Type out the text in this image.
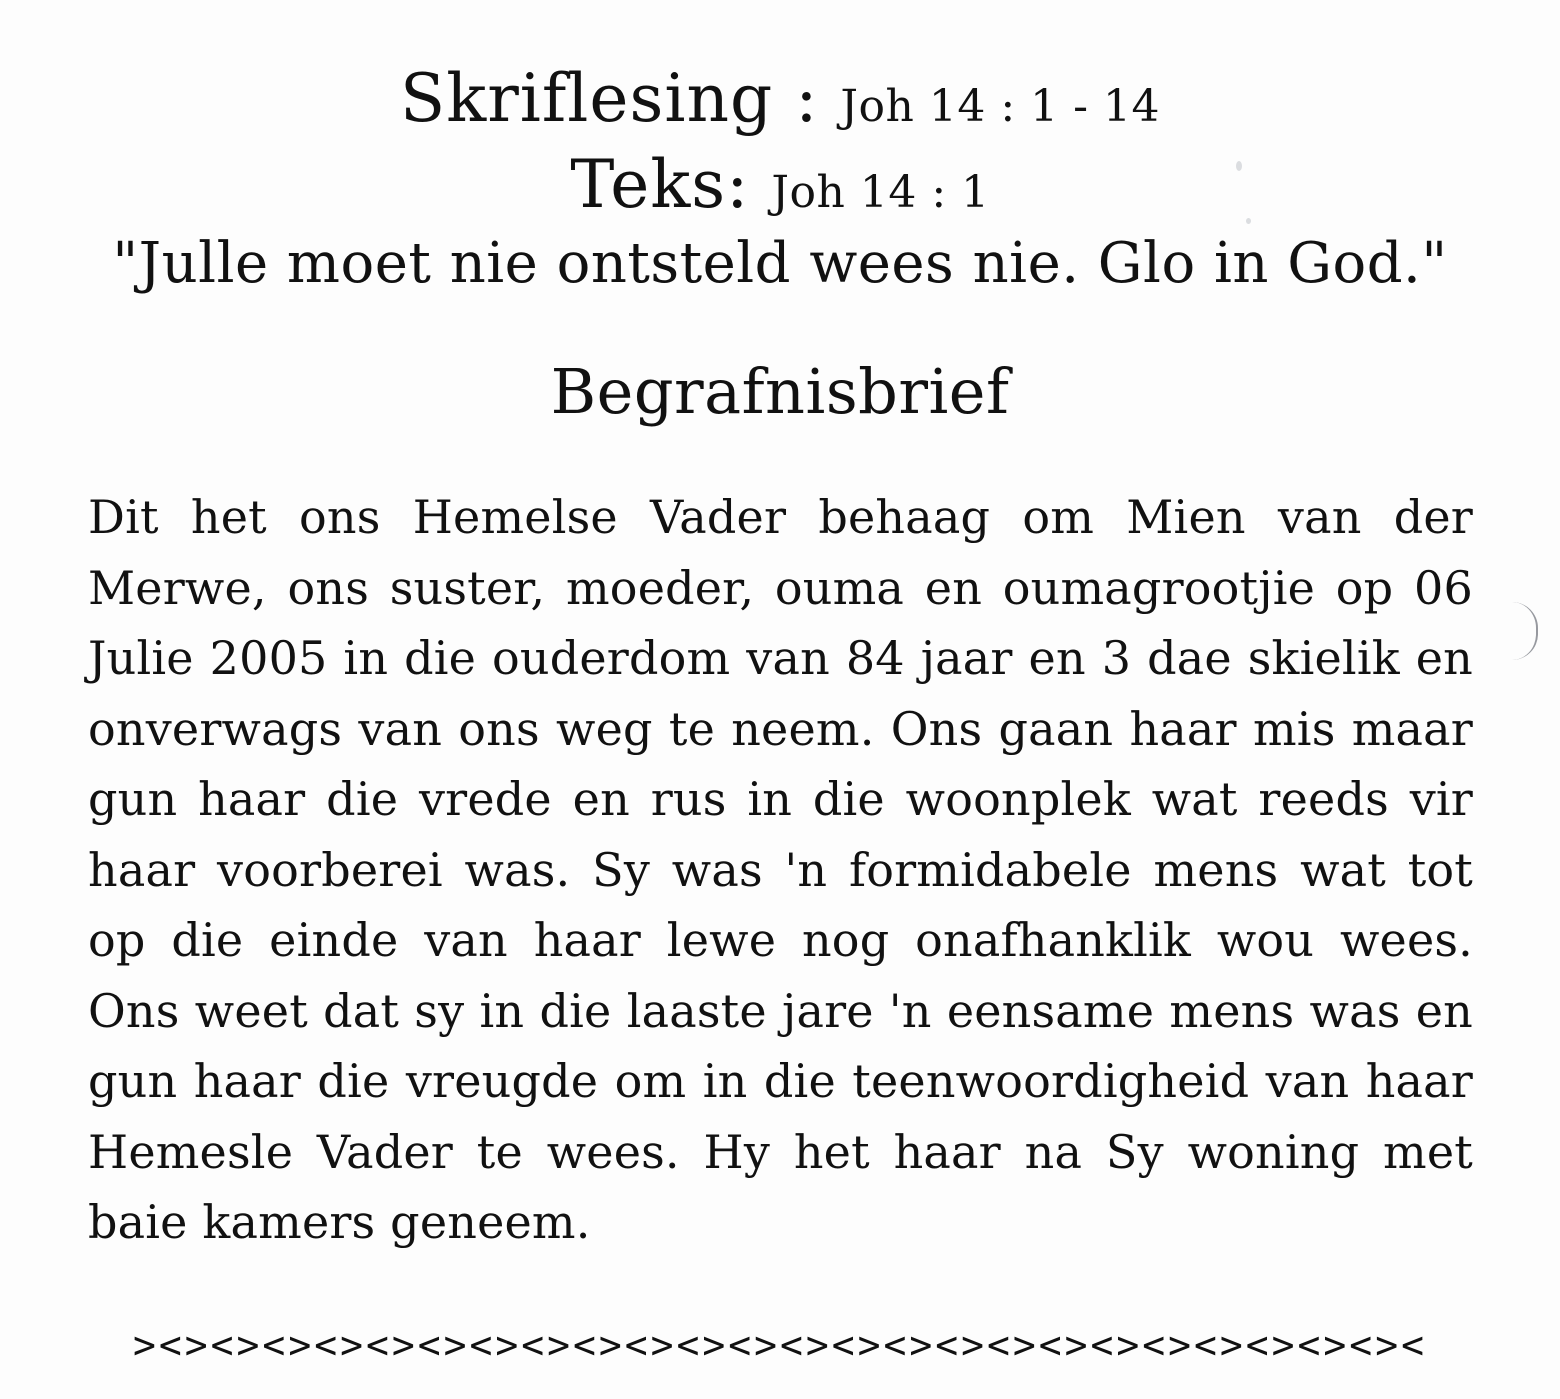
Skriflesing : Joh 14 : 1 - 14
Teks: Joh 14 : 1
"Julle moet nie ontsteld wees nie. Glo in God."
Begrafnisbrief
Dit het ons Hemelse Vader behaag om Mien van der Merwe, ons suster, moeder, ouma en oumagrootjie op 06 Julie 2005 in die ouderdom van 84 jaar en 3 dae skielik en onverwags van ons weg te neem. Ons gaan haar mis maar gun haar die vrede en rus in die woonplek wat reeds vir haar voorberei was. Sy was 'n formidabele mens wat tot op die einde van haar lewe nog onafhanklik wou wees. Ons weet dat sy in die laaste jare 'n eensame mens was en gun haar die vreugde om in die teenwoordigheid van haar Hemesle Vader te wees. Hy het haar na Sy woning met baie kamers geneem.
><><><><><><><><><><><><><><><><><><><><><><><><><
